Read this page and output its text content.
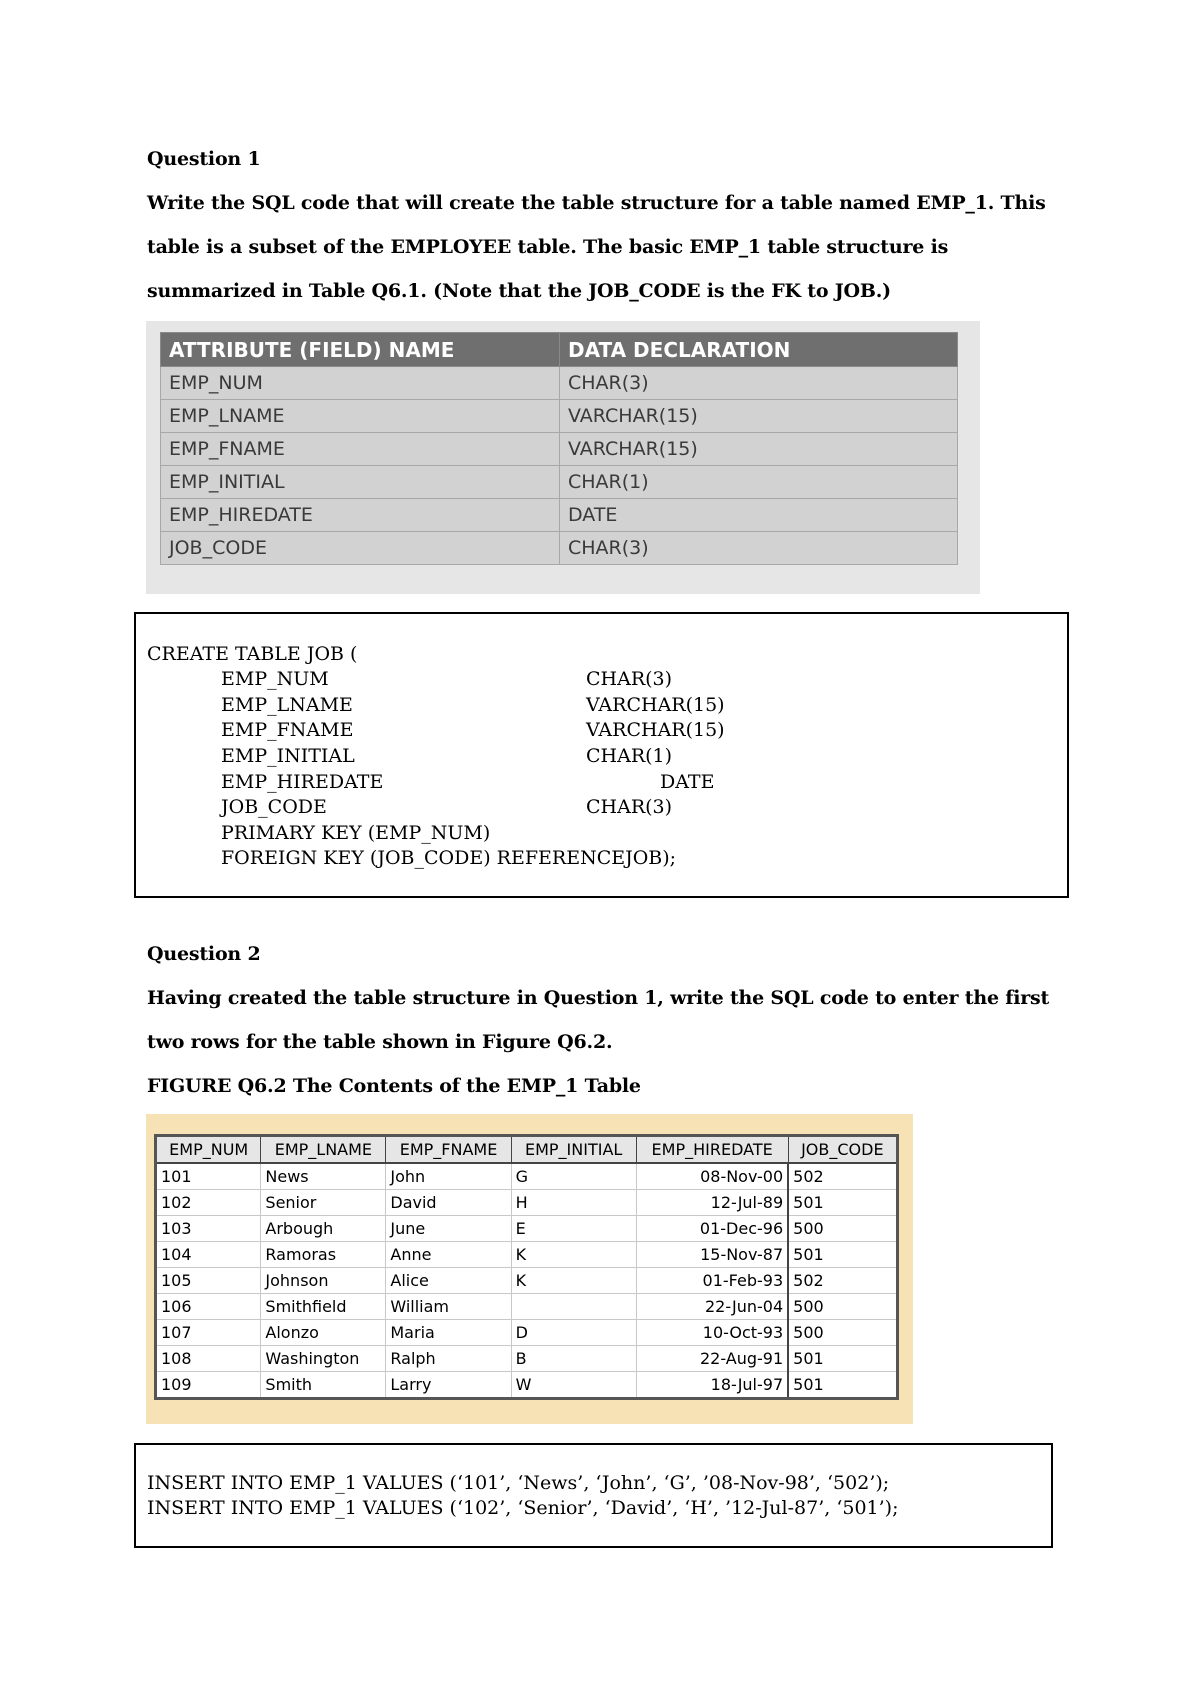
Question 1
Write the SQL code that will create the table structure for a table named EMP_1. This
table is a subset of the EMPLOYEE table. The basic EMP_1 table structure is
summarized in Table Q6.1. (Note that the JOB_CODE is the FK to JOB.)
ATTRIBUTE (FIELD) NAME	DATA DECLARATION
EMP_NUM	CHAR(3)
EMP_LNAME	VARCHAR(15)
EMP_FNAME	VARCHAR(15)
EMP_INITIAL	CHAR(1)
EMP_HIREDATE	DATE
JOB_CODE	CHAR(3)
CREATE TABLE JOB (
EMP_NUM	CHAR(3)
EMP_LNAME	VARCHAR(15)
EMP_FNAME	VARCHAR(15)
EMP_INITIAL	CHAR(1)
EMP_HIREDATE	DATE
JOB_CODE	CHAR(3)
PRIMARY KEY (EMP_NUM)
FOREIGN KEY (JOB_CODE) REFERENCEJOB);
Question 2
Having created the table structure in Question 1, write the SQL code to enter the first
two rows for the table shown in Figure Q6.2.
FIGURE Q6.2 The Contents of the EMP_1 Table
EMP_NUM	EMP_LNAME	EMP_FNAME	EMP_INITIAL	EMP_HIREDATE	JOB_CODE
101	News	John	G	08-Nov-00	502
102	Senior	David	H	12-Jul-89	501
103	Arbough	June	E	01-Dec-96	500
104	Ramoras	Anne	K	15-Nov-87	501
105	Johnson	Alice	K	01-Feb-93	502
106	Smithfield	William		22-Jun-04	500
107	Alonzo	Maria	D	10-Oct-93	500
108	Washington	Ralph	B	22-Aug-91	501
109	Smith	Larry	W	18-Jul-97	501
INSERT INTO EMP_1 VALUES (‘101’, ‘News’, ‘John’, ‘G’, ’08-Nov-98’, ‘502’);
INSERT INTO EMP_1 VALUES (‘102’, ‘Senior’, ‘David’, ‘H’, ’12-Jul-87’, ‘501’);
